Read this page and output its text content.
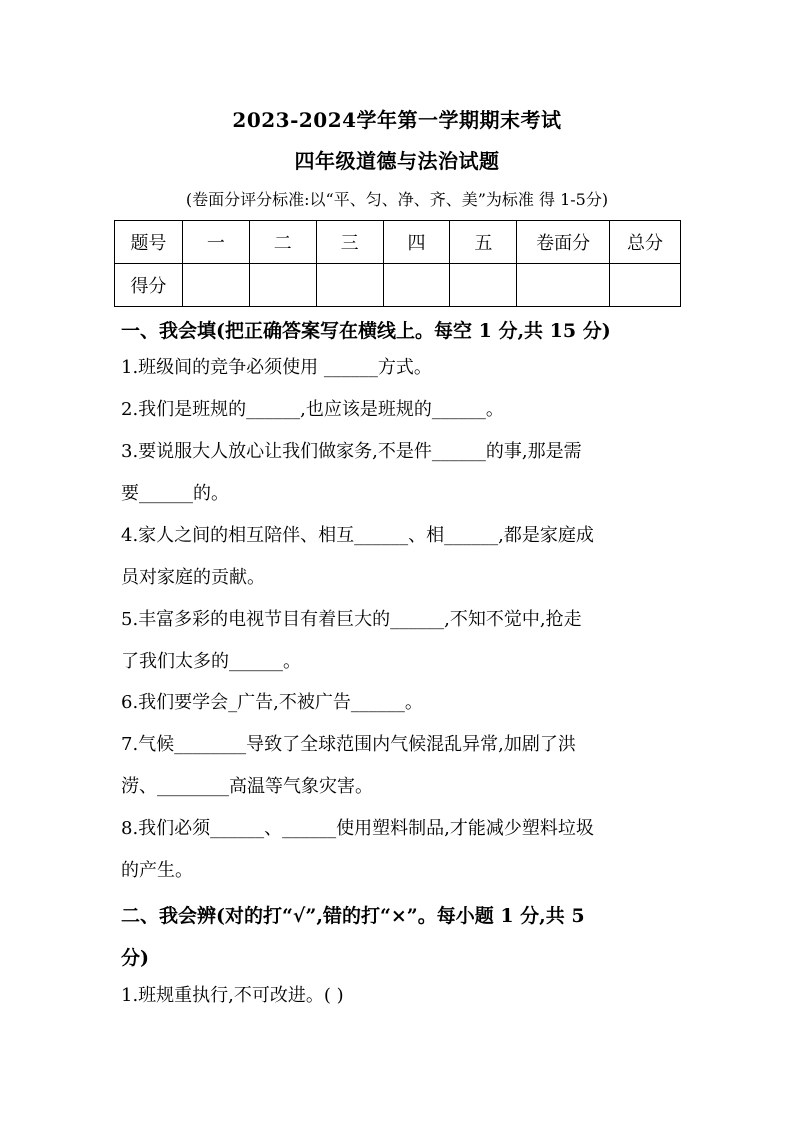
2023-2024学年第一学期期末考试
四年级道德与法治试题
(卷面分评分标准:以“平、匀、净、齐、美”为标准 得 1-5分)
题号	一	二	三	四	五	卷面分	总分
得分							
一、我会填(把正确答案写在横线上。每空 1 分,共 15 分)
1.班级间的竞争必须使用 ______方式。
2.我们是班规的______,也应该是班规的______。
3.要说服大人放心让我们做家务,不是件______的事,那是需
要______的。
4.家人之间的相互陪伴、相互______、相______,都是家庭成
员对家庭的贡献。
5.丰富多彩的电视节目有着巨大的______,不知不觉中,抢走
了我们太多的______。
6.我们要学会_广告,不被广告______。
7.气候________导致了全球范围内气候混乱异常,加剧了洪
涝、________高温等气象灾害。
8.我们必须______、______使用塑料制品,才能减少塑料垃圾
的产生。
二、我会辨(对的打“√”,错的打“×”。每小题 1 分,共 5
分)
1.班规重执行,不可改进。( )
